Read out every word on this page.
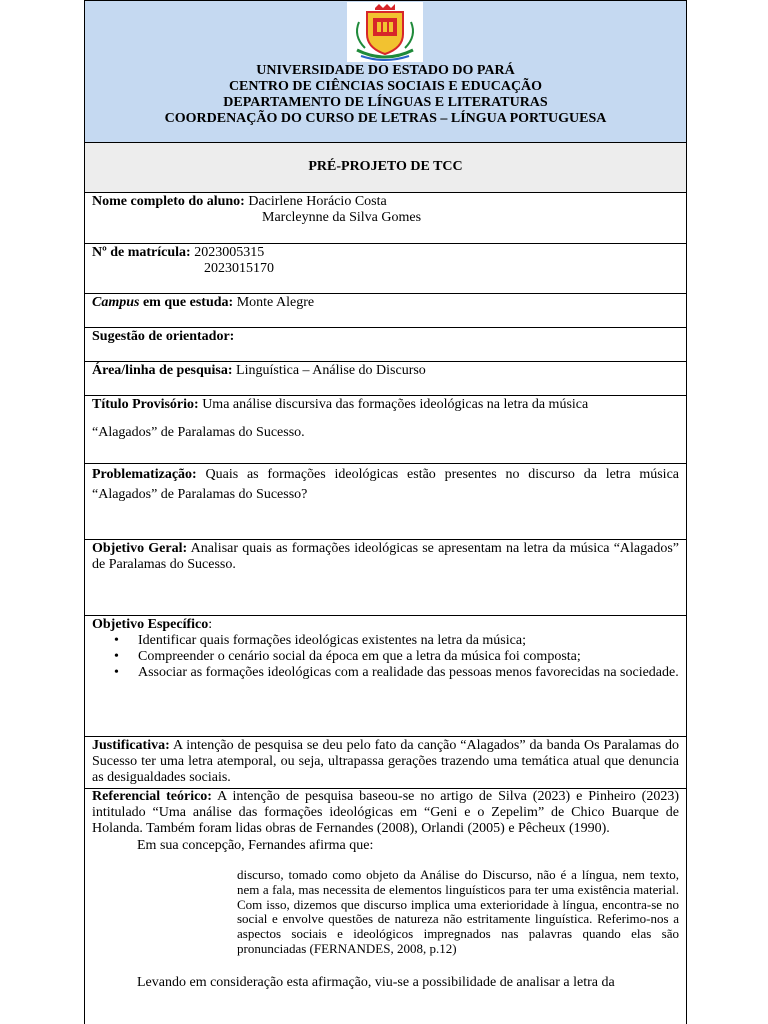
UNIVERSIDADE DO ESTADO DO PARÁ
CENTRO DE CIÊNCIAS SOCIAIS E EDUCAÇÃO
DEPARTAMENTO DE LÍNGUAS E LITERATURAS
COORDENAÇÃO DO CURSO DE LETRAS – LÍNGUA PORTUGUESA
PRÉ-PROJETO DE TCC
Nome completo do aluno: Dacirlene Horácio Costa
Marcleynne da Silva Gomes
Nº de matrícula: 2023005315
2023015170
Campus em que estuda: Monte Alegre
Sugestão de orientador:
Área/linha de pesquisa: Linguística – Análise do Discurso
Título Provisório: Uma análise discursiva das formações ideológicas na letra da música
“Alagados” de Paralamas do Sucesso.
Problematização: Quais as formações ideológicas estão presentes no discurso da letra música “Alagados” de Paralamas do Sucesso?
Objetivo Geral: Analisar quais as formações ideológicas se apresentam na letra da música “Alagados” de Paralamas do Sucesso.
Objetivo Específico:
• Identificar quais formações ideológicas existentes na letra da música;
• Compreender o cenário social da época em que a letra da música foi composta;
• Associar as formações ideológicas com a realidade das pessoas menos favorecidas na sociedade.
Justificativa: A intenção de pesquisa se deu pelo fato da canção “Alagados” da banda Os Paralamas do Sucesso ter uma letra atemporal, ou seja, ultrapassa gerações trazendo uma temática atual que denuncia as desigualdades sociais.
Referencial teórico: A intenção de pesquisa baseou-se no artigo de Silva (2023) e Pinheiro (2023) intitulado “Uma análise das formações ideológicas em “Geni e o Zepelim” de Chico Buarque de Holanda. Também foram lidas obras de Fernandes (2008), Orlandi (2005) e Pêcheux (1990).
Em sua concepção, Fernandes afirma que:
discurso, tomado como objeto da Análise do Discurso, não é a língua, nem texto, nem a fala, mas necessita de elementos linguísticos para ter uma existência material. Com isso, dizemos que discurso implica uma exterioridade à língua, encontra-se no social e envolve questões de natureza não estritamente linguística. Referimo-nos a aspectos sociais e ideológicos impregnados nas palavras quando elas são pronunciadas (FERNANDES, 2008, p.12)
Levando em consideração esta afirmação, viu-se a possibilidade de analisar a letra da
